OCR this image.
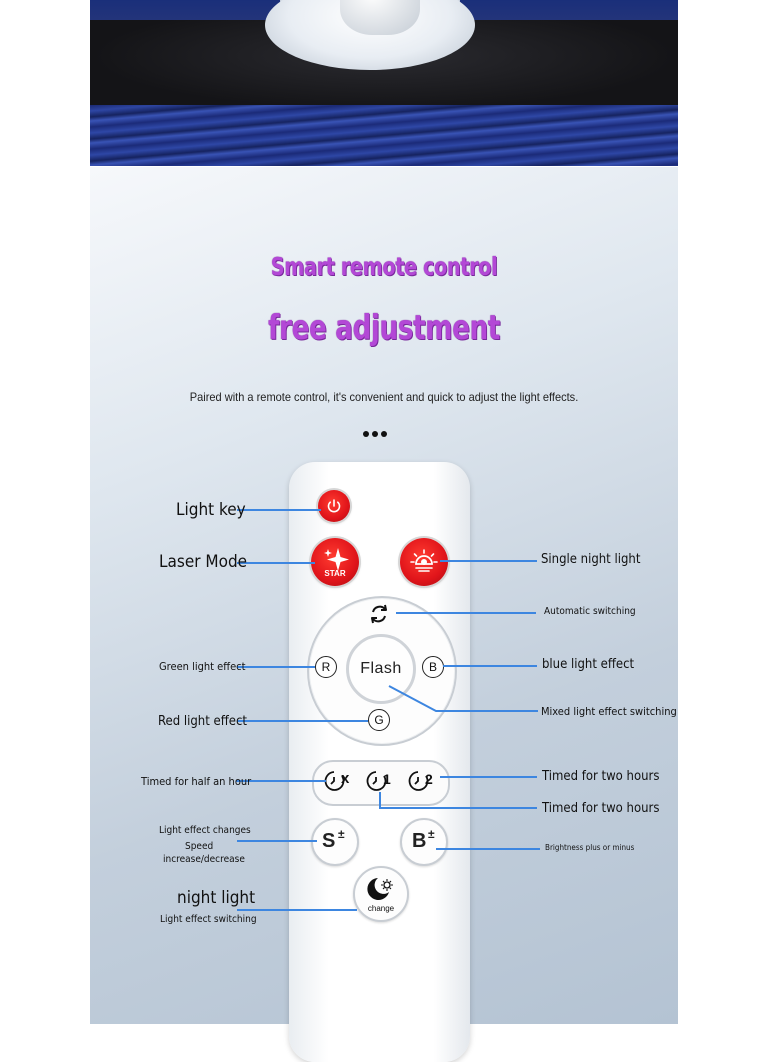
Smart remote control
free adjustment
Paired with a remote control, it's convenient and quick to adjust the light effects.
STAR
Flash
R	B
G
x 1 2
S ±	B ±
change
Light key
Laser Mode	Single night light
Automatic switching
Green light effect	blue light effect
Mixed light effect switching
Red light effect
Timed for half an hour	Timed for two hours
Timed for two hours
Light effect changes
Speed
increase/decrease
Brightness plus or minus
night light
Light effect switching
